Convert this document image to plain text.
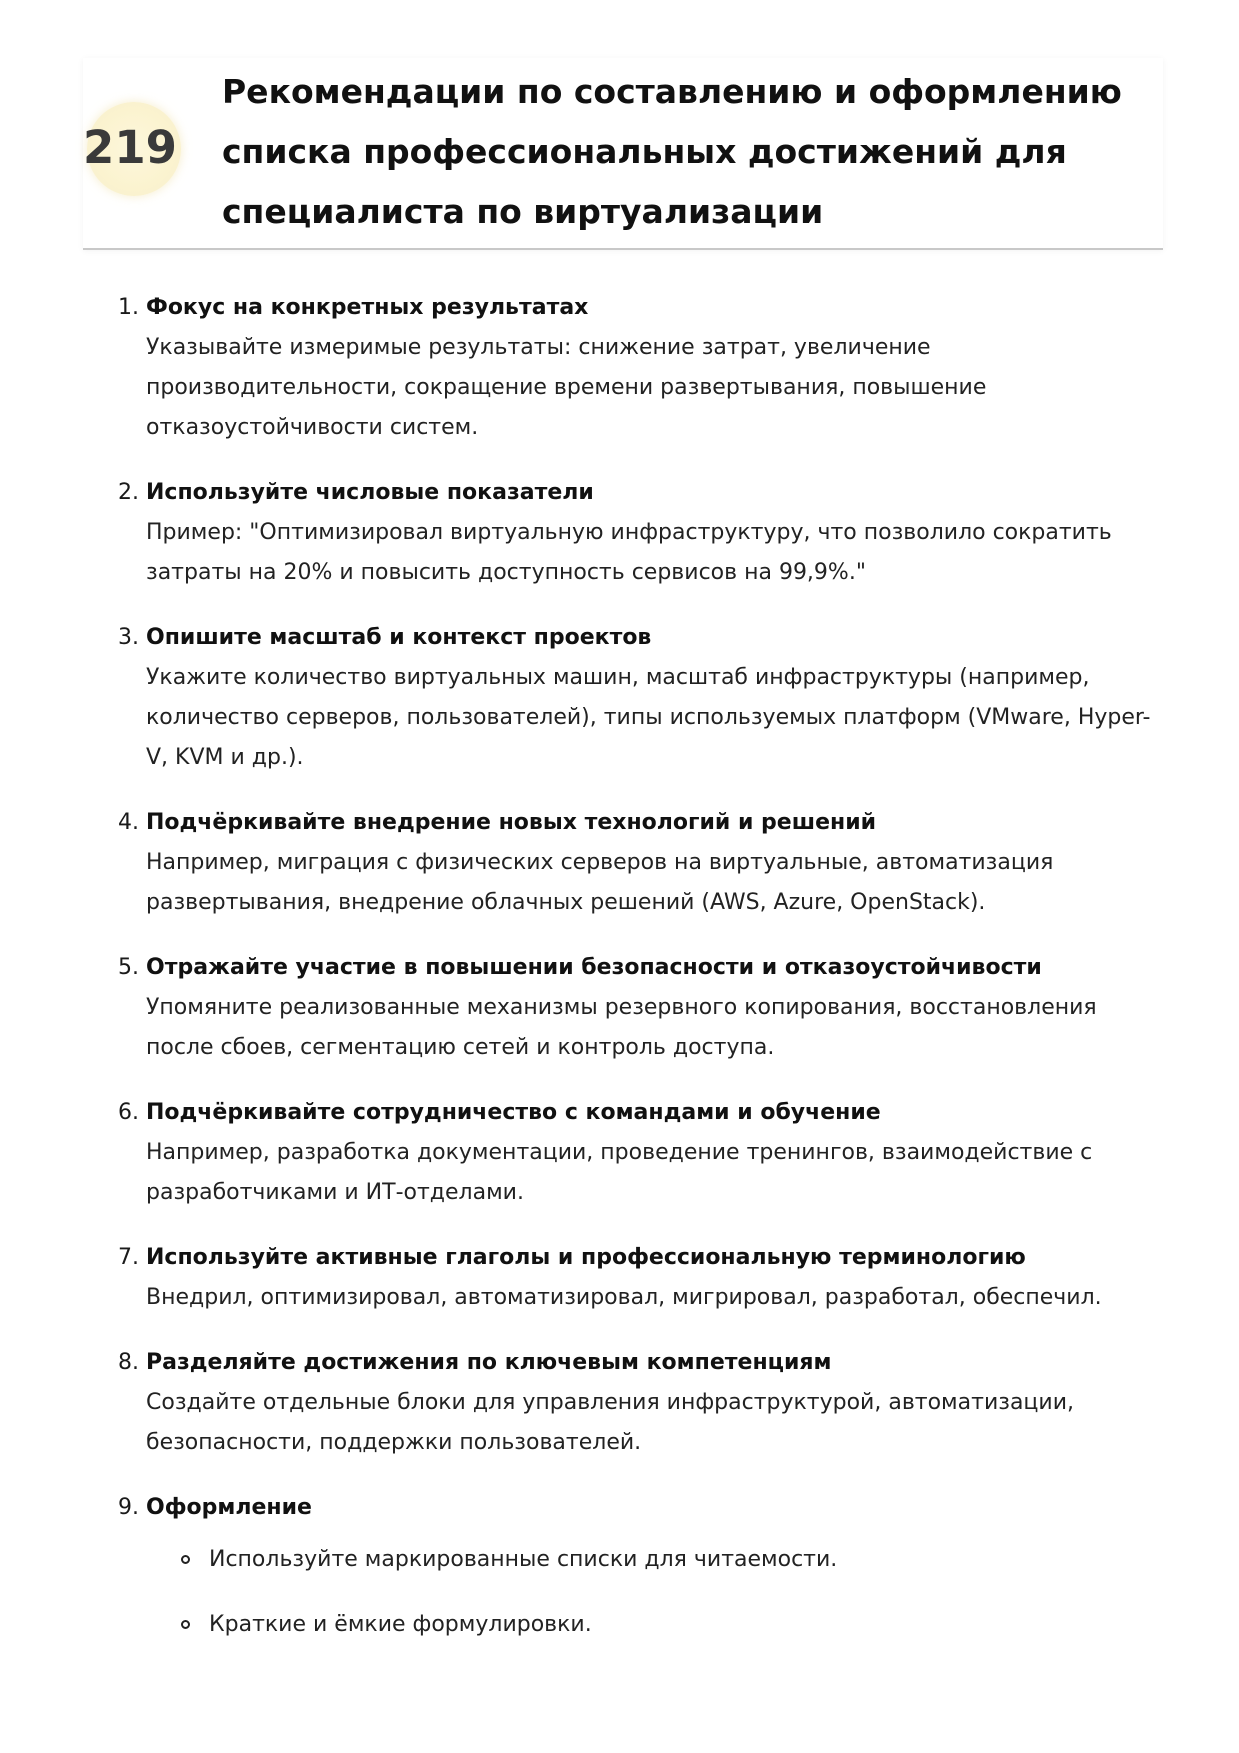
219
Рекомендации по составлению и оформлению списка профессиональных достижений для специалиста по виртуализации
1. Фокус на конкретных результатах
Указывайте измеримые результаты: снижение затрат, увеличение производительности, сокращение времени развертывания, повышение отказоустойчивости систем.
2. Используйте числовые показатели
Пример: "Оптимизировал виртуальную инфраструктуру, что позволило сократить затраты на 20% и повысить доступность сервисов на 99,9%."
3. Опишите масштаб и контекст проектов
Укажите количество виртуальных машин, масштаб инфраструктуры (например, количество серверов, пользователей), типы используемых платформ (VMware, Hyper-V, KVM и др.).
4. Подчёркивайте внедрение новых технологий и решений
Например, миграция с физических серверов на виртуальные, автоматизация развертывания, внедрение облачных решений (AWS, Azure, OpenStack).
5. Отражайте участие в повышении безопасности и отказоустойчивости
Упомяните реализованные механизмы резервного копирования, восстановления после сбоев, сегментацию сетей и контроль доступа.
6. Подчёркивайте сотрудничество с командами и обучение
Например, разработка документации, проведение тренингов, взаимодействие с разработчиками и ИТ-отделами.
7. Используйте активные глаголы и профессиональную терминологию
Внедрил, оптимизировал, автоматизировал, мигрировал, разработал, обеспечил.
8. Разделяйте достижения по ключевым компетенциям
Создайте отдельные блоки для управления инфраструктурой, автоматизации, безопасности, поддержки пользователей.
9. Оформление
Используйте маркированные списки для читаемости.
Краткие и ёмкие формулировки.
